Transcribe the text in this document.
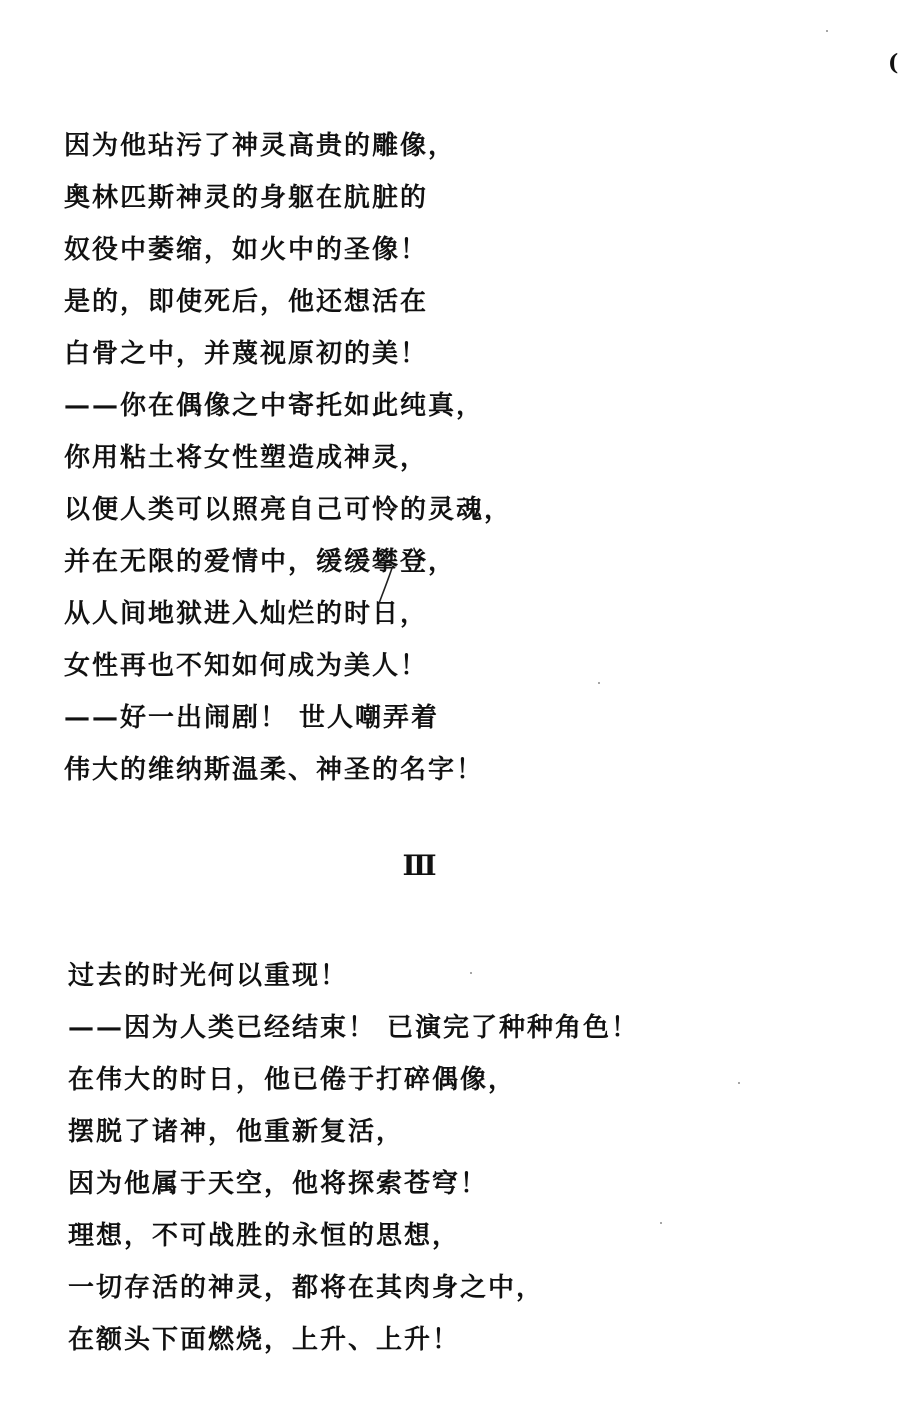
(
因为他玷污了神灵高贵的雕像，
奥林匹斯神灵的身躯在肮脏的
奴役中萎缩，如火中的圣像！
是的，即使死后，他还想活在
白骨之中，并蔑视原初的美！
——你在偶像之中寄托如此纯真，
你用粘土将女性塑造成神灵，
以便人类可以照亮自己可怜的灵魂，
并在无限的爱情中，缓缓攀登，
从人间地狱进入灿烂的时日，
女性再也不知如何成为美人！
——好一出闹剧！ 世人嘲弄着
伟大的维纳斯温柔、神圣的名字！
Ⅲ
过去的时光何以重现！
——因为人类已经结束！ 已演完了种种角色！
在伟大的时日，他已倦于打碎偶像，
摆脱了诸神，他重新复活，
因为他属于天空，他将探索苍穹！
理想，不可战胜的永恒的思想，
一切存活的神灵，都将在其肉身之中，
在额头下面燃烧，上升、上升！
